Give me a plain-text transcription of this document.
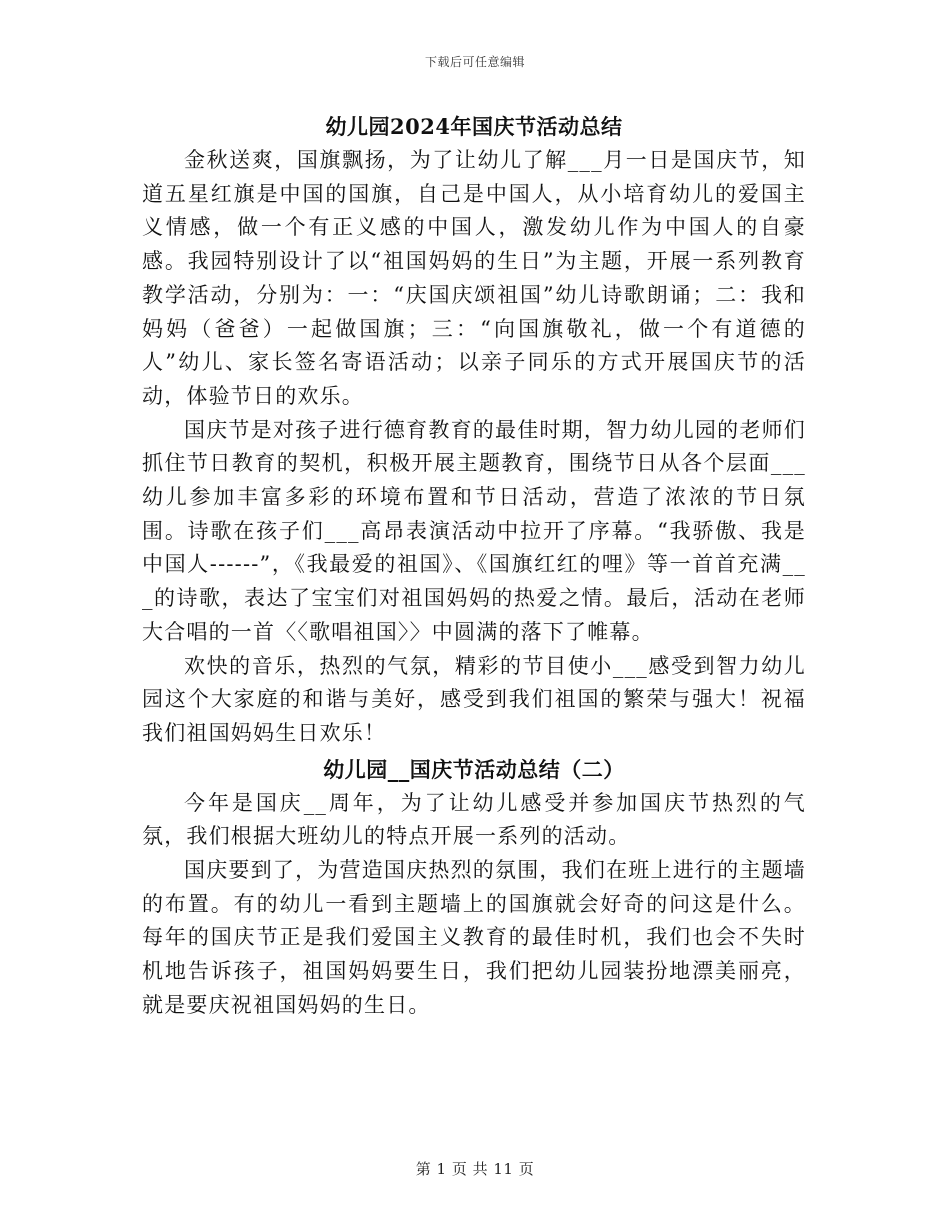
下载后可任意编辑
幼儿园2024年国庆节活动总结

金秋送爽，国旗飘扬，为了让幼儿了解___月一日是国庆节，知道五星红旗是中国的国旗，自己是中国人，从小培育幼儿的爱国主义情感，做一个有正义感的中国人，激发幼儿作为中国人的自豪感。我园特别设计了以“祖国妈妈的生日”为主题，开展一系列教育教学活动，分别为：一：“庆国庆颂祖国”幼儿诗歌朗诵；二：我和妈妈（爸爸）一起做国旗；三：“向国旗敬礼，做一个有道德的人”幼儿、家长签名寄语活动；以亲子同乐的方式开展国庆节的活动，体验节日的欢乐。

国庆节是对孩子进行德育教育的最佳时期，智力幼儿园的老师们抓住节日教育的契机，积极开展主题教育，围绕节日从各个层面___幼儿参加丰富多彩的环境布置和节日活动，营造了浓浓的节日氛围。诗歌在孩子们___高昂表演活动中拉开了序幕。“我骄傲、我是中国人------”，《我最爱的祖国》、《国旗红红的哩》等一首首充满___的诗歌，表达了宝宝们对祖国妈妈的热爱之情。最后，活动在老师大合唱的一首〈〈歌唱祖国〉〉中圆满的落下了帷幕。

欢快的音乐，热烈的气氛，精彩的节目使小___感受到智力幼儿园这个大家庭的和谐与美好，感受到我们祖国的繁荣与强大！祝福我们祖国妈妈生日欢乐！

幼儿园__国庆节活动总结（二）

今年是国庆__周年，为了让幼儿感受并参加国庆节热烈的气氛，我们根据大班幼儿的特点开展一系列的活动。

国庆要到了，为营造国庆热烈的氛围，我们在班上进行的主题墙的布置。有的幼儿一看到主题墙上的国旗就会好奇的问这是什么。每年的国庆节正是我们爱国主义教育的最佳时机，我们也会不失时机地告诉孩子，祖国妈妈要生日，我们把幼儿园装扮地漂美丽亮，就是要庆祝祖国妈妈的生日。

第 1 页 共 11 页
